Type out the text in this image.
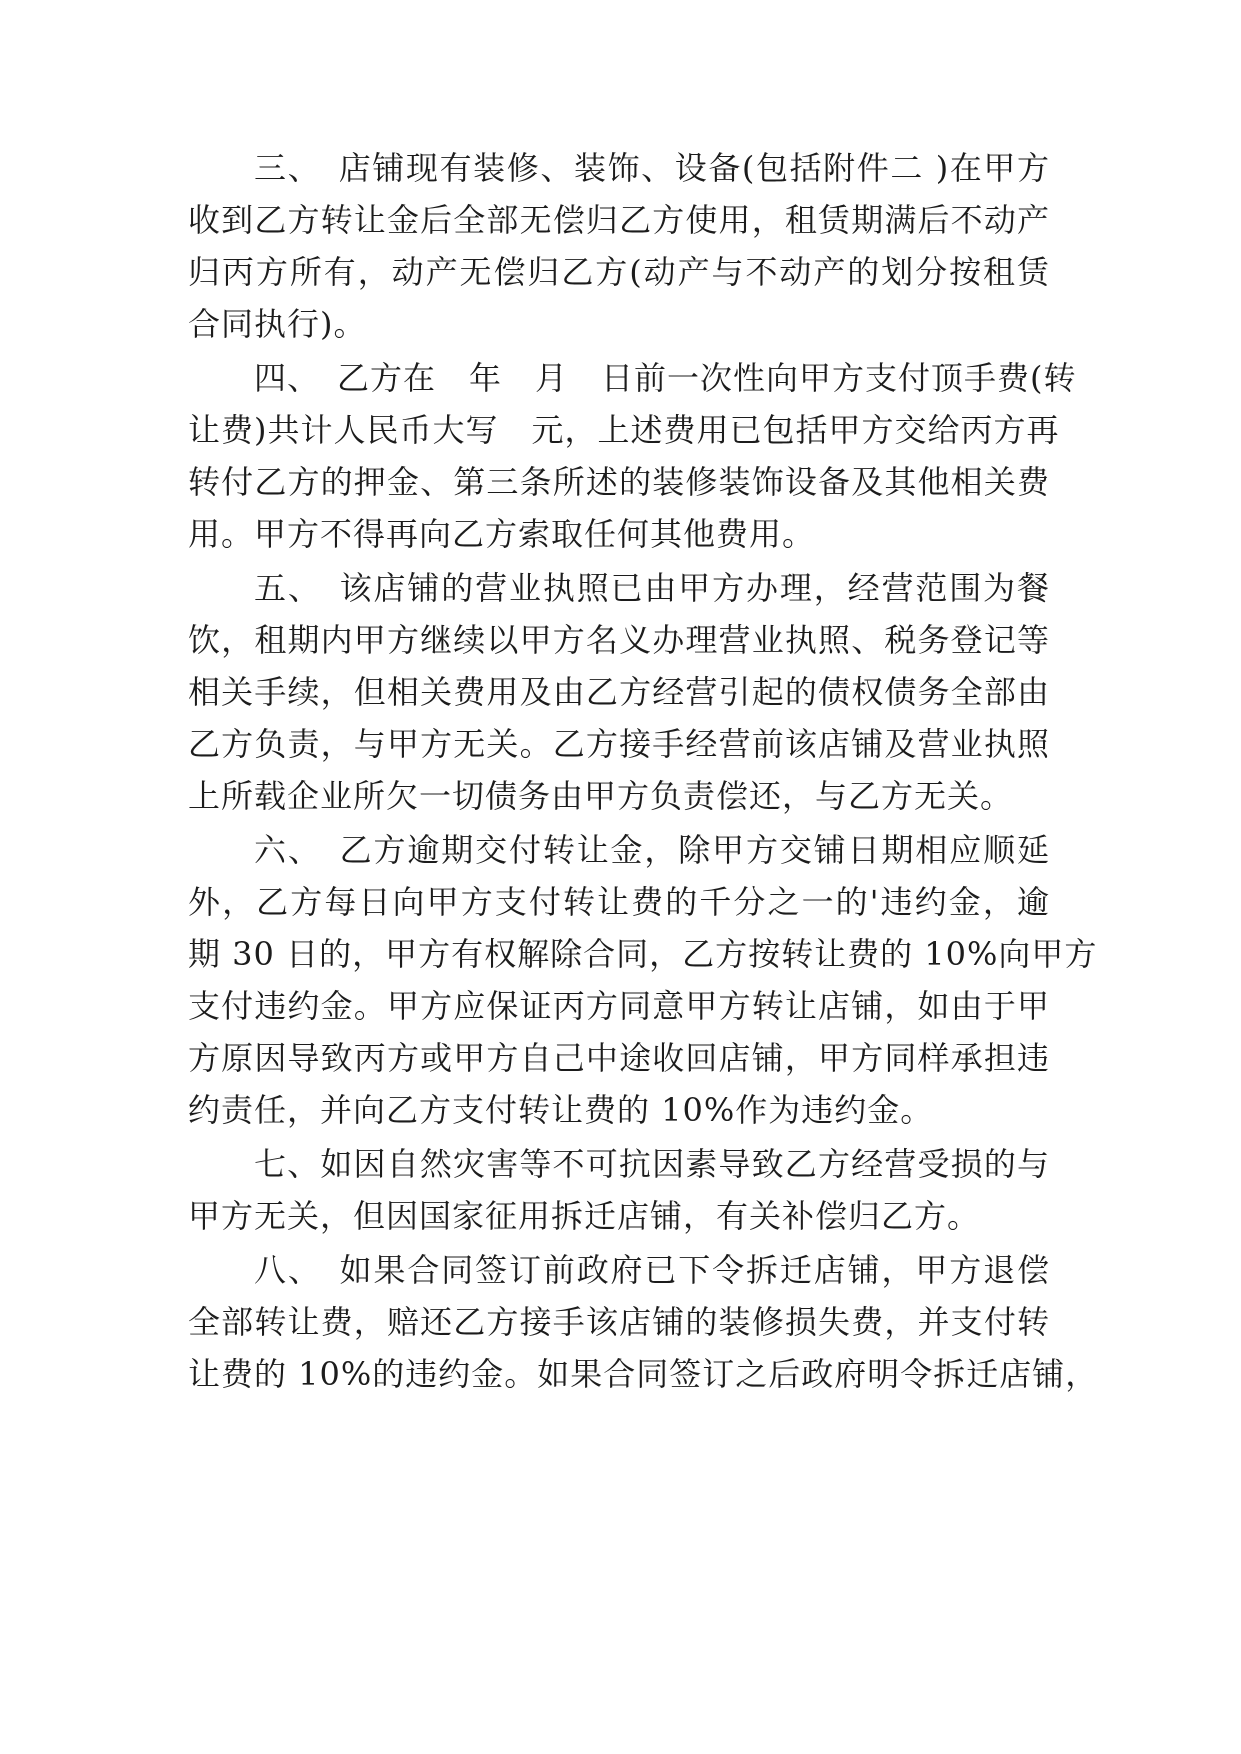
三、　店铺现有装修、装饰、设备(包括附件二 )在甲方
收到乙方转让金后全部无偿归乙方使用，租赁期满后不动产
归丙方所有，动产无偿归乙方(动产与不动产的划分按租赁
合同执行)。
四、　乙方在　年　月　日前一次性向甲方支付顶手费(转
让费)共计人民币大写　元，上述费用已包括甲方交给丙方再
转付乙方的押金、第三条所述的装修装饰设备及其他相关费
用。甲方不得再向乙方索取任何其他费用。
五、　该店铺的营业执照已由甲方办理，经营范围为餐
饮，租期内甲方继续以甲方名义办理营业执照、税务登记等
相关手续，但相关费用及由乙方经营引起的债权债务全部由
乙方负责，与甲方无关。乙方接手经营前该店铺及营业执照
上所载企业所欠一切债务由甲方负责偿还，与乙方无关。
六、　乙方逾期交付转让金，除甲方交铺日期相应顺延
外，乙方每日向甲方支付转让费的千分之一的'违约金，逾
期 30 日的，甲方有权解除合同，乙方按转让费的 10%向甲方
支付违约金。甲方应保证丙方同意甲方转让店铺，如由于甲
方原因导致丙方或甲方自己中途收回店铺，甲方同样承担违
约责任，并向乙方支付转让费的 10%作为违约金。
七、如因自然灾害等不可抗因素导致乙方经营受损的与
甲方无关，但因国家征用拆迁店铺，有关补偿归乙方。
八、　如果合同签订前政府已下令拆迁店铺，甲方退偿
全部转让费，赔还乙方接手该店铺的装修损失费，并支付转
让费的 10%的违约金。如果合同签订之后政府明令拆迁店铺，
